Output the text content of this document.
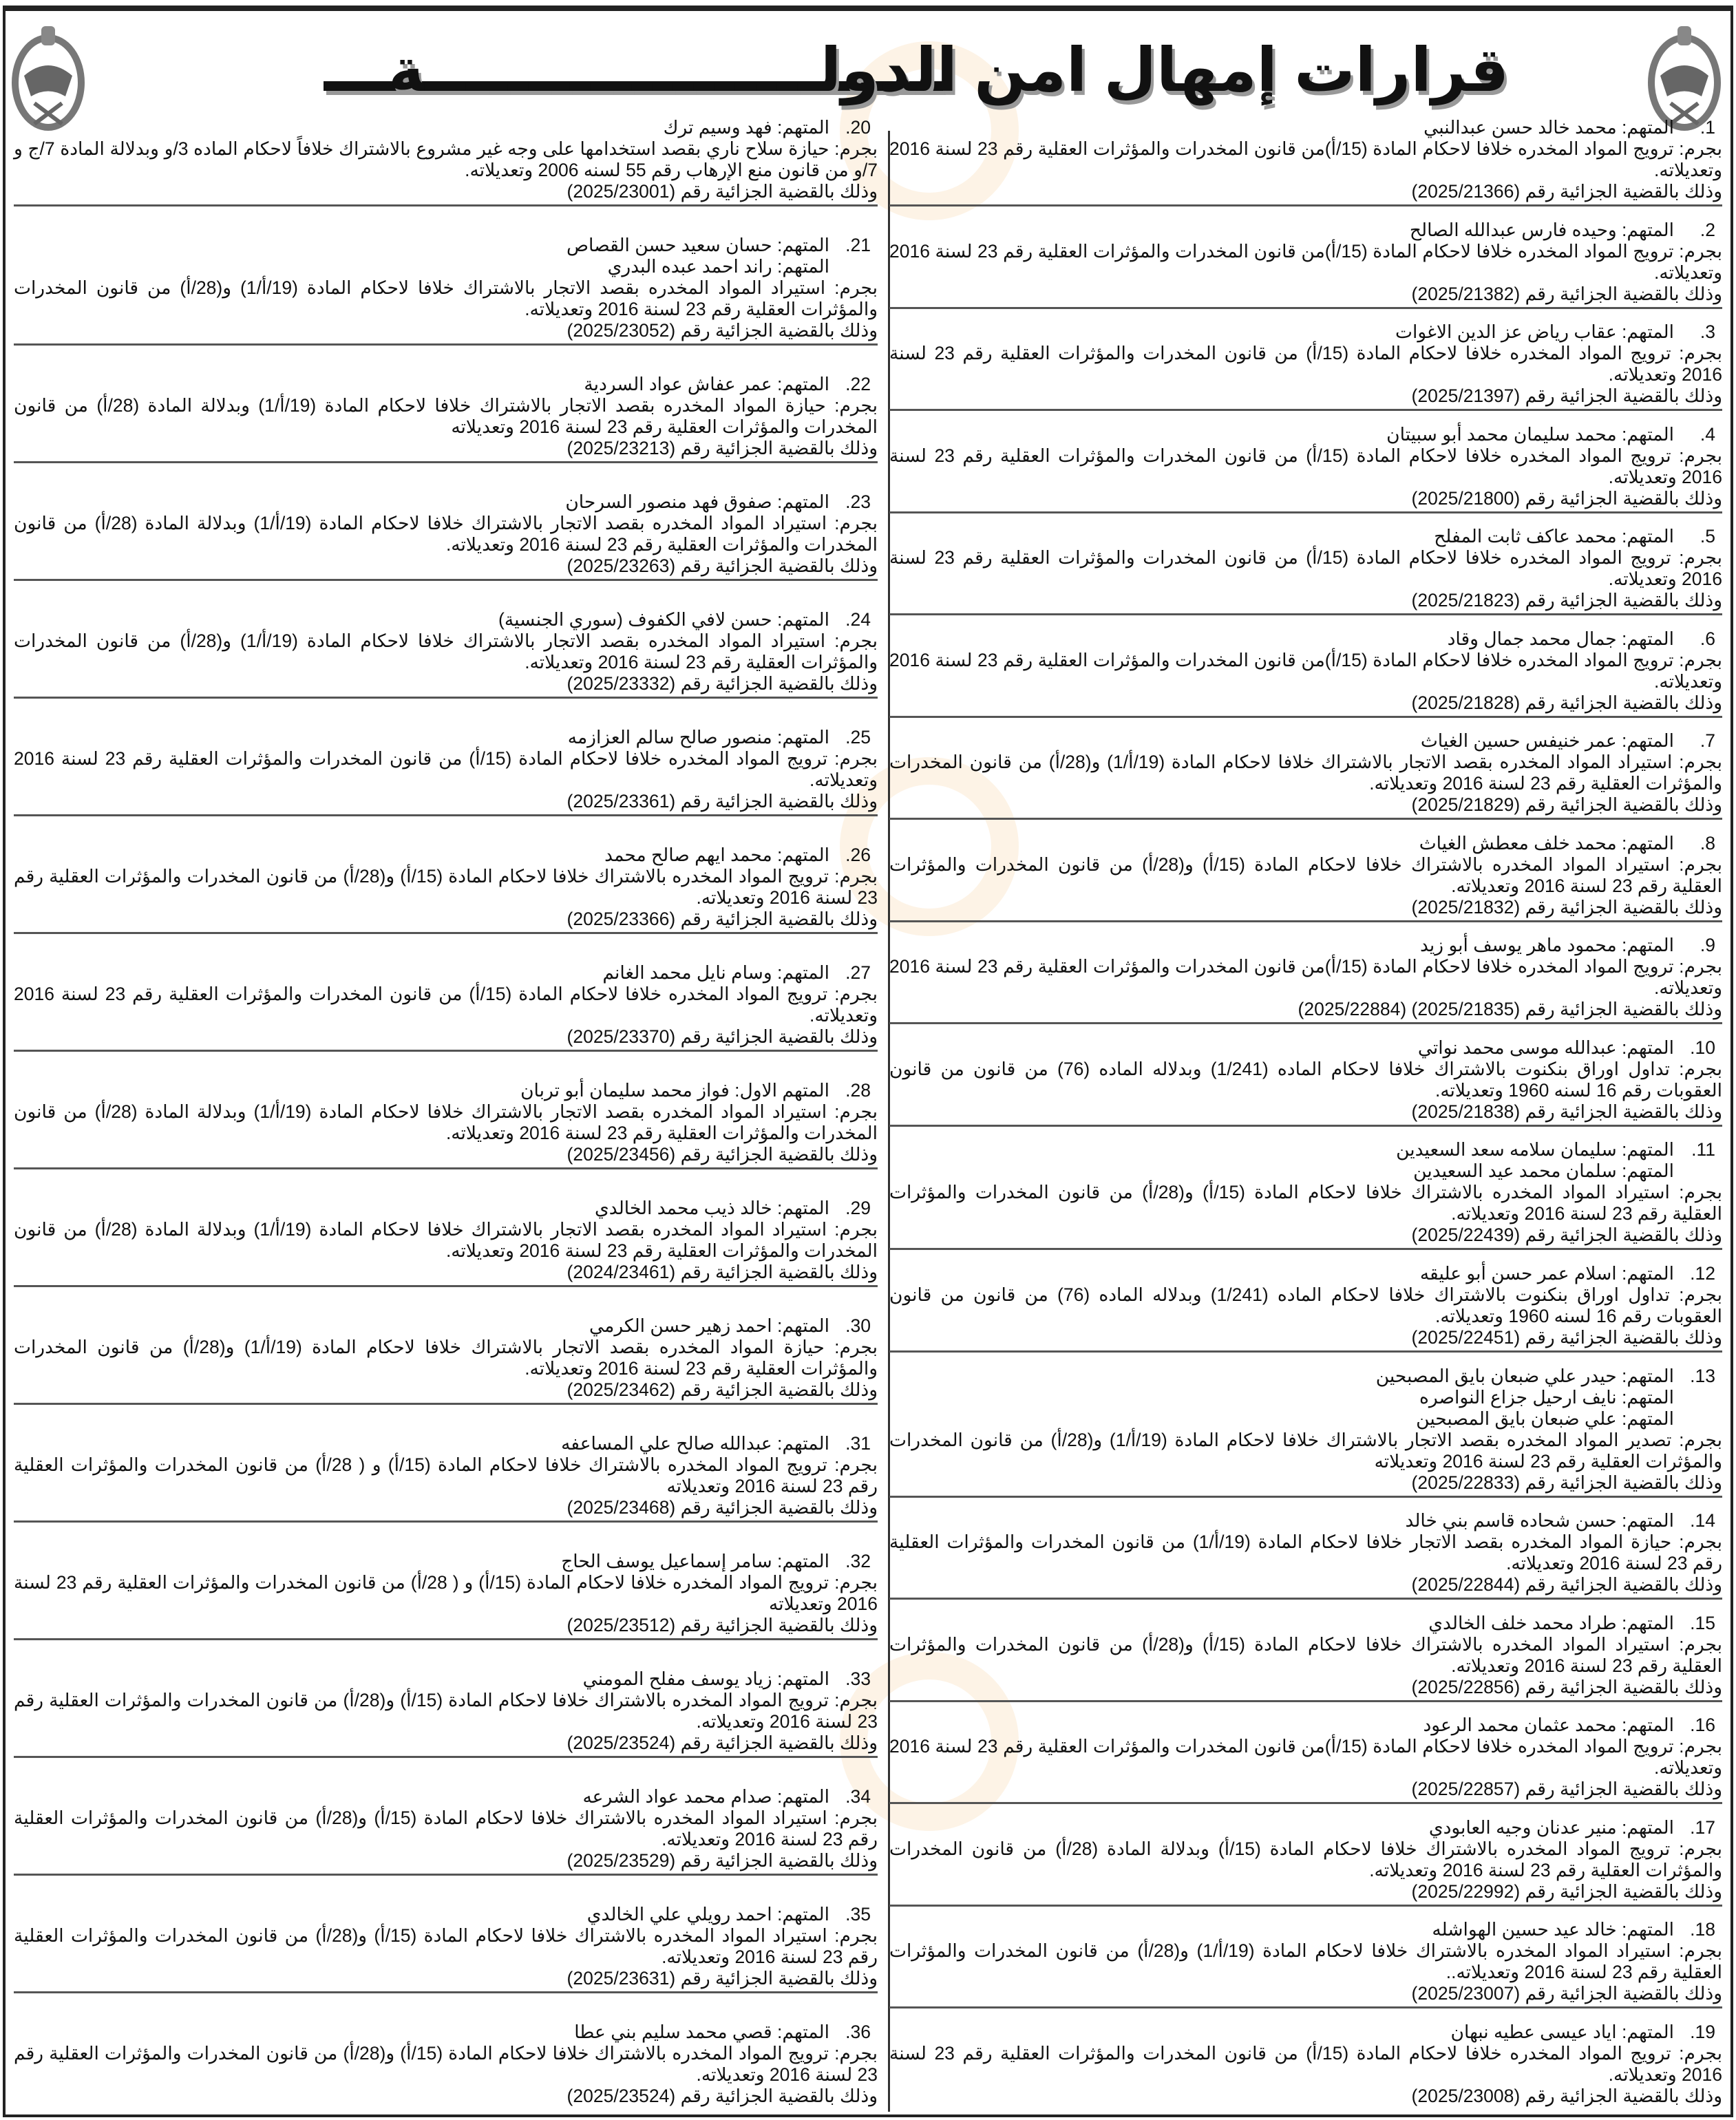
قرارات إمهال امن الدولـــــــــــــــــــة
1.المتهم: محمد خالد حسن عبدالنبي
بجرم: ترويج المواد المخدره خلافا لاحكام المادة (15/أ)من قانون المخدرات والمؤثرات العقلية رقم 23 لسنة 2016 وتعديلاته.
وذلك بالقضية الجزائية رقم (2025/21366)
2.المتهم: وحيده فارس عبدالله الصالح
بجرم: ترويج المواد المخدره خلافا لاحكام المادة (15/أ)من قانون المخدرات والمؤثرات العقلية رقم 23 لسنة 2016 وتعديلاته.
وذلك بالقضية الجزائية رقم (2025/21382)
3.المتهم: عقاب رياض عز الدين الاغوات
بجرم: ترويج المواد المخدره خلافا لاحكام المادة (15/أ) من قانون المخدرات والمؤثرات العقلية رقم 23 لسنة 2016 وتعديلاته.
وذلك بالقضية الجزائية رقم (2025/21397)
4.المتهم: محمد سليمان محمد أبو سبيتان
بجرم: ترويج المواد المخدره خلافا لاحكام المادة (15/أ) من قانون المخدرات والمؤثرات العقلية رقم 23 لسنة 2016 وتعديلاته.
وذلك بالقضية الجزائية رقم (2025/21800)
5.المتهم: محمد عاكف ثابت المفلح
بجرم: ترويج المواد المخدره خلافا لاحكام المادة (15/أ) من قانون المخدرات والمؤثرات العقلية رقم 23 لسنة 2016 وتعديلاته.
وذلك بالقضية الجزائية رقم (2025/21823)
6.المتهم: جمال محمد جمال وقاد
بجرم: ترويج المواد المخدره خلافا لاحكام المادة (15/أ)من قانون المخدرات والمؤثرات العقلية رقم 23 لسنة 2016 وتعديلاته.
وذلك بالقضية الجزائية رقم (2025/21828)
7.المتهم: عمر خنيفس حسين الغياث
بجرم: استيراد المواد المخدره بقصد الاتجار بالاشتراك خلافا لاحكام المادة (19/أ/1) و(28/أ) من قانون المخدرات والمؤثرات العقلية رقم 23 لسنة 2016 وتعديلاته.
وذلك بالقضية الجزائية رقم (2025/21829)
8.المتهم: محمد خلف معطش الغياث
بجرم: استيراد المواد المخدره بالاشتراك خلافا لاحكام المادة (15/أ) و(28/أ) من قانون المخدرات والمؤثرات العقلية رقم 23 لسنة 2016 وتعديلاته.
وذلك بالقضية الجزائية رقم (2025/21832)
9.المتهم: محمود ماهر يوسف أبو زيد
بجرم: ترويج المواد المخدره خلافا لاحكام المادة (15/أ)من قانون المخدرات والمؤثرات العقلية رقم 23 لسنة 2016 وتعديلاته.
وذلك بالقضية الجزائية رقم (2025/21835) (2025/22884)
10.المتهم: عبدالله موسى محمد نواتي
بجرم: تداول اوراق بنكنوت بالاشتراك خلافا لاحكام الماده (1/241) وبدلاله الماده (76) من قانون من قانون العقوبات رقم 16 لسنه 1960 وتعديلاته.
وذلك بالقضية الجزائية رقم (2025/21838)
11.المتهم: سليمان سلامه سعد السعيدين
المتهم: سلمان محمد عيد السعيدين
بجرم: استيراد المواد المخدره بالاشتراك خلافا لاحكام المادة (15/أ) و(28/أ) من قانون المخدرات والمؤثرات العقلية رقم 23 لسنة 2016 وتعديلاته.
وذلك بالقضية الجزائية رقم (2025/22439)
12.المتهم: اسلام عمر حسن أبو عليقه
بجرم: تداول اوراق بنكنوت بالاشتراك خلافا لاحكام الماده (1/241) وبدلاله الماده (76) من قانون من قانون العقوبات رقم 16 لسنه 1960 وتعديلاته.
وذلك بالقضية الجزائية رقم (2025/22451)
13.المتهم: حيدر علي ضبعان بايق المصبحين
المتهم: نايف ارحيل جزاع النواصره
المتهم: علي ضبعان بايق المصبحين
بجرم: تصدير المواد المخدره بقصد الاتجار بالاشتراك خلافا لاحكام المادة (19/أ/1) و(28/أ) من قانون المخدرات والمؤثرات العقلية رقم 23 لسنة 2016 وتعديلاته
وذلك بالقضية الجزائية رقم (2025/22833)
14.المتهم: حسن شحاده قاسم بني خالد
بجرم: حيازة المواد المخدره بقصد الاتجار خلافا لاحكام المادة (19/أ/1) من قانون المخدرات والمؤثرات العقلية رقم 23 لسنة 2016 وتعديلاته.
وذلك بالقضية الجزائية رقم (2025/22844)
15.المتهم: طراد محمد خلف الخالدي
بجرم: استيراد المواد المخدره بالاشتراك خلافا لاحكام المادة (15/أ) و(28/أ) من قانون المخدرات والمؤثرات العقلية رقم 23 لسنة 2016 وتعديلاته.
وذلك بالقضية الجزائية رقم (2025/22856)
16.المتهم: محمد عثمان محمد الرعود
بجرم: ترويج المواد المخدره خلافا لاحكام المادة (15/أ)من قانون المخدرات والمؤثرات العقلية رقم 23 لسنة 2016 وتعديلاته.
وذلك بالقضية الجزائية رقم (2025/22857)
17.المتهم: منير عدنان وجيه العابودي
بجرم: ترويج المواد المخدره بالاشتراك خلافا لاحكام المادة (15/أ) وبدلالة المادة (28/أ) من قانون المخدرات والمؤثرات العقلية رقم 23 لسنة 2016 وتعديلاته.
وذلك بالقضية الجزائية رقم (2025/22992)
18.المتهم: خالد عيد حسين الهواشله
بجرم: استيراد المواد المخدره بالاشتراك خلافا لاحكام المادة (19/أ/1) و(28/أ) من قانون المخدرات والمؤثرات العقلية رقم 23 لسنة 2016 وتعديلاته..
وذلك بالقضية الجزائية رقم (2025/23007)
19.المتهم: اياد عيسى عطيه نبهان
بجرم: ترويج المواد المخدره خلافا لاحكام المادة (15/أ) من قانون المخدرات والمؤثرات العقلية رقم 23 لسنة 2016 وتعديلاته.
وذلك بالقضية الجزائية رقم (2025/23008)
20.المتهم: فهد وسيم ترك
بجرم: حيازة سلاح ناري بقصد استخدامها على وجه غير مشروع بالاشتراك خلافاً لاحكام الماده 3/و وبدلالة المادة 7/ج و 7/و من قانون منع الإرهاب رقم 55 لسنه 2006 وتعديلاته.
وذلك بالقضية الجزائية رقم (2025/23001)
21.المتهم: حسان سعيد حسن القصاص
المتهم: راند احمد عبده البدري
بجرم: استيراد المواد المخدره بقصد الاتجار بالاشتراك خلافا لاحكام المادة (19/أ/1) و(28/أ) من قانون المخدرات والمؤثرات العقلية رقم 23 لسنة 2016 وتعديلاته.
وذلك بالقضية الجزائية رقم (2025/23052)
22.المتهم: عمر عفاش عواد السردية
بجرم: حيازة المواد المخدره بقصد الاتجار بالاشتراك خلافا لاحكام المادة (19/أ/1) وبدلالة المادة (28/أ) من قانون المخدرات والمؤثرات العقلية رقم 23 لسنة 2016 وتعديلاته
وذلك بالقضية الجزائية رقم (2025/23213)
23.المتهم: صفوق فهد منصور السرحان
بجرم: استيراد المواد المخدره بقصد الاتجار بالاشتراك خلافا لاحكام المادة (19/أ/1) وبدلالة المادة (28/أ) من قانون المخدرات والمؤثرات العقلية رقم 23 لسنة 2016 وتعديلاته.
وذلك بالقضية الجزائية رقم (2025/23263)
24.المتهم: حسن لافي الكفوف (سوري الجنسية)
بجرم: استيراد المواد المخدره بقصد الاتجار بالاشتراك خلافا لاحكام المادة (19/أ/1) و(28/أ) من قانون المخدرات والمؤثرات العقلية رقم 23 لسنة 2016 وتعديلاته.
وذلك بالقضية الجزائية رقم (2025/23332)
25.المتهم: منصور صالح سالم العزازمه
بجرم: ترويج المواد المخدره خلافا لاحكام المادة (15/أ) من قانون المخدرات والمؤثرات العقلية رقم 23 لسنة 2016 وتعديلاته.
وذلك بالقضية الجزائية رقم (2025/23361)
26.المتهم: محمد ايهم صالح محمد
بجرم: ترويج المواد المخدره بالاشتراك خلافا لاحكام المادة (15/أ) و(28/أ) من قانون المخدرات والمؤثرات العقلية رقم 23 لسنة 2016 وتعديلاته.
وذلك بالقضية الجزائية رقم (2025/23366)
27.المتهم: وسام نايل محمد الغانم
بجرم: ترويج المواد المخدره خلافا لاحكام المادة (15/أ) من قانون المخدرات والمؤثرات العقلية رقم 23 لسنة 2016 وتعديلاته.
وذلك بالقضية الجزائية رقم (2025/23370)
28.المتهم الاول: فواز محمد سليمان أبو تربان
بجرم: استيراد المواد المخدره بقصد الاتجار بالاشتراك خلافا لاحكام المادة (19/أ/1) وبدلالة المادة (28/أ) من قانون المخدرات والمؤثرات العقلية رقم 23 لسنة 2016 وتعديلاته.
وذلك بالقضية الجزائية رقم (2025/23456)
29.المتهم: خالد ذيب محمد الخالدي
بجرم: استيراد المواد المخدره بقصد الاتجار بالاشتراك خلافا لاحكام المادة (19/أ/1) وبدلالة المادة (28/أ) من قانون المخدرات والمؤثرات العقلية رقم 23 لسنة 2016 وتعديلاته.
وذلك بالقضية الجزائية رقم (2024/23461)
30.المتهم: احمد زهير حسن الكرمي
بجرم: حيازة المواد المخدره بقصد الاتجار بالاشتراك خلافا لاحكام المادة (19/أ/1) و(28/أ) من قانون المخدرات والمؤثرات العقلية رقم 23 لسنة 2016 وتعديلاته.
وذلك بالقضية الجزائية رقم (2025/23462)
31.المتهم: عبدالله صالح علي المساعفه
بجرم: ترويج المواد المخدره بالاشتراك خلافا لاحكام المادة (15/أ) و ( 28/أ) من قانون المخدرات والمؤثرات العقلية رقم 23 لسنة 2016 وتعديلاته
وذلك بالقضية الجزائية رقم (2025/23468)
32.المتهم: سامر إسماعيل يوسف الحاج
بجرم: ترويج المواد المخدره خلافا لاحكام المادة (15/أ) و ( 28/أ) من قانون المخدرات والمؤثرات العقلية رقم 23 لسنة 2016 وتعديلاته
وذلك بالقضية الجزائية رقم (2025/23512)
33.المتهم: زياد يوسف مفلح المومني
بجرم: ترويج المواد المخدره بالاشتراك خلافا لاحكام المادة (15/أ) و(28/أ) من قانون المخدرات والمؤثرات العقلية رقم 23 لسنة 2016 وتعديلاته.
وذلك بالقضية الجزائية رقم (2025/23524)
34.المتهم: صدام محمد عواد الشرعه
بجرم: استيراد المواد المخدره بالاشتراك خلافا لاحكام المادة (15/أ) و(28/أ) من قانون المخدرات والمؤثرات العقلية رقم 23 لسنة 2016 وتعديلاته.
وذلك بالقضية الجزائية رقم (2025/23529)
35.المتهم: احمد رويلي علي الخالدي
بجرم: استيراد المواد المخدره بالاشتراك خلافا لاحكام المادة (15/أ) و(28/أ) من قانون المخدرات والمؤثرات العقلية رقم 23 لسنة 2016 وتعديلاته.
وذلك بالقضية الجزائية رقم (2025/23631)
36.المتهم: قصي محمد سليم بني عطا
بجرم: ترويج المواد المخدره بالاشتراك خلافا لاحكام المادة (15/أ) و(28/أ) من قانون المخدرات والمؤثرات العقلية رقم 23 لسنة 2016 وتعديلاته.
وذلك بالقضية الجزائية رقم (2025/23524)
